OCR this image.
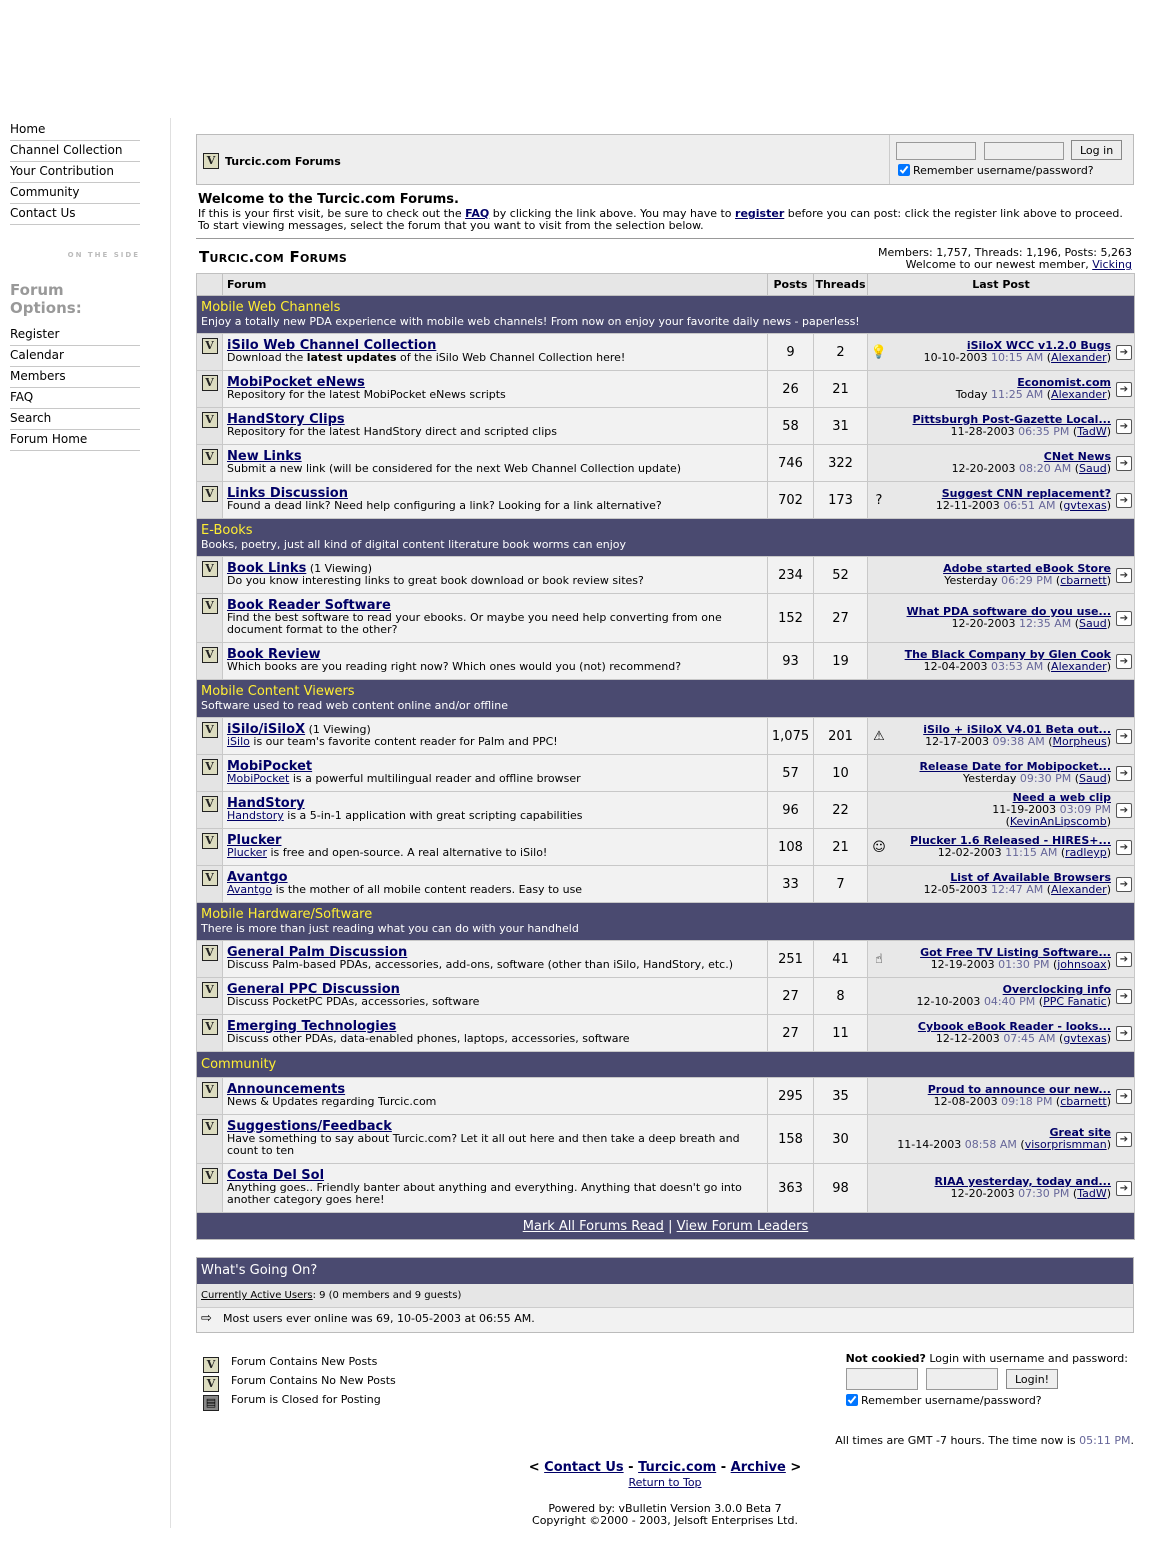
Home
Channel Collection
Your Contribution
Community
Contact Us
ON THE SIDE
Forum Options:
Register
Calendar
Members
FAQ
Search
Forum Home
V Turcic.com Forums
Log in
Remember username/password?
Welcome to the Turcic.com Forums.

If this is your first visit, be sure to check out the FAQ by clicking the link above. You may have to register before you can post: click the register link above to proceed. To start viewing messages, select the forum that you want to visit from the selection below.

Turcic.com Forums	Members: 1,757, Threads: 1,196, Posts: 5,263
Welcome to our newest member, Vicking
	Forum	Posts	Threads	Last Post
Mobile Web Channels
Enjoy a totally new PDA experience with mobile web channels! From now on enjoy your favorite daily news - paperless!				
V	iSilo Web Channel Collection
Download the latest updates of the iSilo Web Channel Collection here!	9	2	💡 iSiloX WCC v1.2.0 Bugs
10-10-2003 10:15 AM (Alexander) ➔

V	MobiPocket eNews
Repository for the latest MobiPocket eNews scripts	26	21	Economist.com
Today 11:25 AM (Alexander) ➔

V	HandStory Clips
Repository for the latest HandStory direct and scripted clips	58	31	Pittsburgh Post-Gazette Local...
11-28-2003 06:35 PM (TadW) ➔

V	New Links
Submit a new link (will be considered for the next Web Channel Collection update)	746	322	CNet News
12-20-2003 08:20 AM (Saud) ➔

V	Links Discussion
Found a dead link? Need help configuring a link? Looking for a link alternative?	702	173	? Suggest CNN replacement?
12-11-2003 06:51 AM (gvtexas) ➔

E-Books
Books, poetry, just all kind of digital content literature book worms can enjoy				
V	Book Links (1 Viewing)
Do you know interesting links to great book download or book review sites?	234	52	Adobe started eBook Store
Yesterday 06:29 PM (cbarnett) ➔

V	Book Reader Software
Find the best software to read your ebooks. Or maybe you need help converting from one document format to the other?	152	27	What PDA software do you use...
12-20-2003 12:35 AM (Saud) ➔

V	Book Review
Which books are you reading right now? Which ones would you (not) recommend?	93	19	The Black Company by Glen Cook
12-04-2003 03:53 AM (Alexander) ➔

Mobile Content Viewers
Software used to read web content online and/or offline				
V	iSilo/iSiloX (1 Viewing)
iSilo is our team's favorite content reader for Palm and PPC!	1,075	201	⚠ iSilo + iSiloX V4.01 Beta out...
12-17-2003 09:38 AM (Morpheus) ➔

V	MobiPocket
MobiPocket is a powerful multilingual reader and offline browser	57	10	Release Date for Mobipocket...
Yesterday 09:30 PM (Saud) ➔

V	HandStory
Handstory is a 5-in-1 application with great scripting capabilities	96	22	Need a web clip
11-19-2003 03:09 PM (KevinAnLipscomb)
➔

V	Plucker
Plucker is free and open-source. A real alternative to iSilo!	108	21	☺ Plucker 1.6 Released - HIRES+...
12-02-2003 11:15 AM (radleyp) ➔

V	Avantgo
Avantgo is the mother of all mobile content readers. Easy to use	33	7	List of Available Browsers
12-05-2003 12:47 AM (Alexander) ➔

Mobile Hardware/Software
There is more than just reading what you can do with your handheld				
V	General Palm Discussion
Discuss Palm-based PDAs, accessories, add-ons, software (other than iSilo, HandStory, etc.)	251	41	☝ Got Free TV Listing Software...
12-19-2003 01:30 PM (johnsoax) ➔

V	General PPC Discussion
Discuss PocketPC PDAs, accessories, software	27	8	Overclocking info
12-10-2003 04:40 PM (PPC Fanatic) ➔

V	Emerging Technologies
Discuss other PDAs, data-enabled phones, laptops, accessories, software	27	11	Cybook eBook Reader - looks...
12-12-2003 07:45 AM (gvtexas) ➔

Community				
V	Announcements
News & Updates regarding Turcic.com	295	35	Proud to announce our new...
12-08-2003 09:18 PM (cbarnett) ➔

V	Suggestions/Feedback
Have something to say about Turcic.com? Let it all out here and then take a deep breath and count to ten	158	30	Great site
11-14-2003 08:58 AM (visorprismman) ➔

V	Costa Del Sol
Anything goes.. Friendly banter about anything and everything. Anything that doesn't go into another category goes here!	363	98	RIAA yesterday, today and...
12-20-2003 07:30 PM (TadW) ➔

Mark All Forums Read | View Forum Leaders				
What's Going On?
Currently Active Users: 9 (0 members and 9 guests)
⇨ Most users ever online was 69, 10-05-2003 at 06:55 AM.
V Forum Contains New Posts
V Forum Contains No New Posts
▤ Forum is Closed for Posting
Not cookied? Login with username and password:
Login!
Remember username/password?
All times are GMT -7 hours. The time now is 05:11 PM.
< Contact Us - Turcic.com - Archive >
Return to Top
Powered by: vBulletin Version 3.0.0 Beta 7
Copyright ©2000 - 2003, Jelsoft Enterprises Ltd.
